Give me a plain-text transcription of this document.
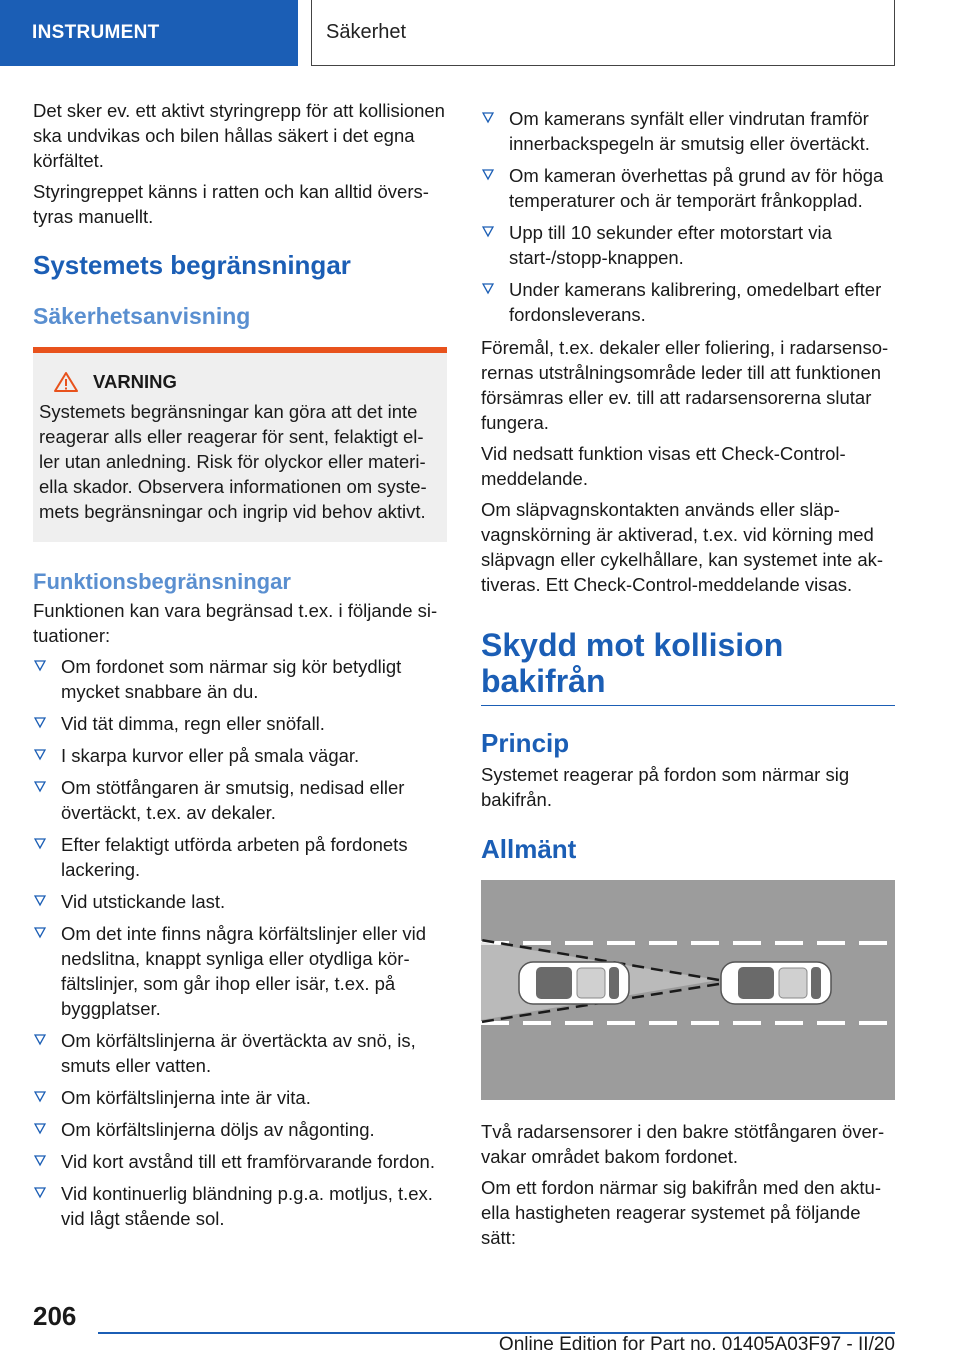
INSTRUMENT	Säkerhet

Det sker ev. ett aktivt styringrepp för att kollisionen ska undvikas och bilen hållas säkert i det egna körfältet.

Styringreppet känns i ratten och kan alltid överstyras manuellt.

Systemets begränsningar
Säkerhetsanvisning
VARNING

Systemets begränsningar kan göra att det inte reagerar alls eller reagerar för sent, felaktigt eller utan anledning. Risk för olyckor eller materiella skador. Observera informationen om systemets begränsningar och ingrip vid behov aktivt.

Funktionsbegränsningar

Funktionen kan vara begränsad t.ex. i följande situationer:

Om fordonet som närmar sig kör betydligt mycket snabbare än du.
Vid tät dimma, regn eller snöfall.
I skarpa kurvor eller på smala vägar.
Om stötfångaren är smutsig, nedisad eller övertäckt, t.ex. av dekaler.
Efter felaktigt utförda arbeten på fordonets lackering.
Vid utstickande last.
Om det inte finns några körfältslinjer eller vid nedslitna, knappt synliga eller otydliga körfältslinjer, som går ihop eller isär, t.ex. på byggplatser.
Om körfältslinjerna är övertäckta av snö, is, smuts eller vatten.
Om körfältslinjerna inte är vita.
Om körfältslinjerna döljs av någonting.
Vid kort avstånd till ett framförvarande fordon.
Vid kontinuerlig bländning p.g.a. motljus, t.ex. vid lågt stående sol.
Om kamerans synfält eller vindrutan framför innerbackspegeln är smutsig eller övertäckt.
Om kameran överhettas på grund av för höga temperaturer och är temporärt frånkopplad.
Upp till 10 sekunder efter motorstart via start-/stopp-knappen.
Under kamerans kalibrering, omedelbart efter fordonsleverans.

Föremål, t.ex. dekaler eller foliering, i radarsensorernas utstrålningsområde leder till att funktionen försämras eller ev. till att radarsensorerna slutar fungera.

Vid nedsatt funktion visas ett Check-Control-meddelande.

Om släpvagnskontakten används eller släpvagnskörning är aktiverad, t.ex. vid körning med släpvagn eller cykelhållare, kan systemet inte aktiveras. Ett Check-Control-meddelande visas.

Skydd mot kollision bakifrån
Princip

Systemet reagerar på fordon som närmar sig bakifrån.

Allmänt

Två radarsensorer i den bakre stötfångaren övervakar området bakom fordonet.

Om ett fordon närmar sig bakifrån med den aktuella hastigheten reagerar systemet på följande sätt:

206
Online Edition for Part no. 01405A03F97 - II/20
